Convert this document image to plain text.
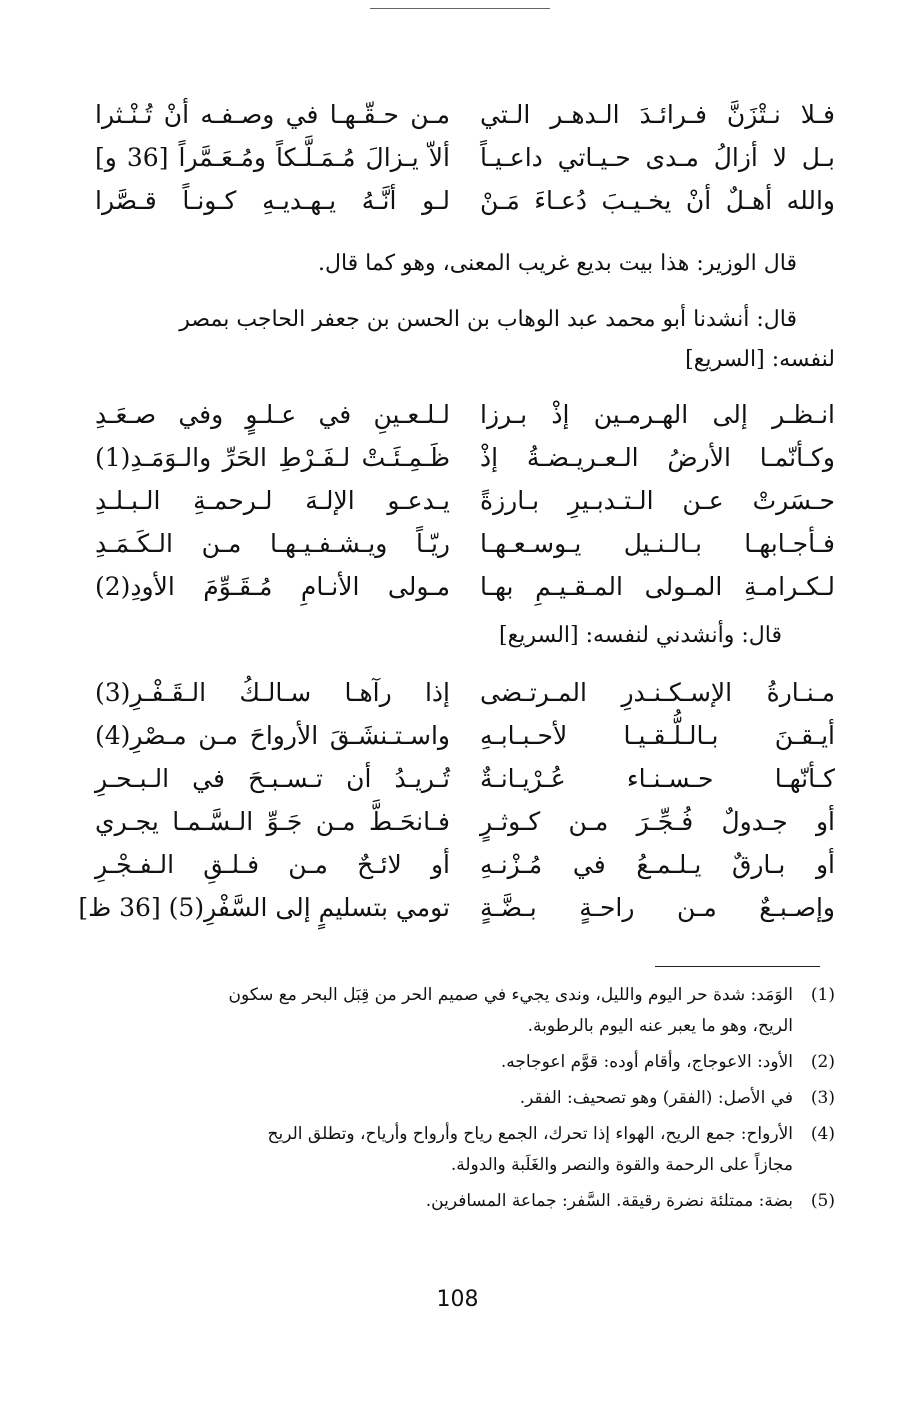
فـلا نـتْزَنَّ فـرائـدَ الـدهـر الـتي
مـن حـقّـهـا في وصـفـه أنْ تُـنْـثرا
بـل لا أزالُ مـدى حـيـاتي داعـيـاً
ألاّ يـزالَ مُـمَـلَّـكاً ومُـعَـمَّراً [36 و]
والله أهـلٌ أنْ يخـيـبَ دُعـاءَ مَـنْ
لـو أنَّـهُ يـهـديـهِ كـونـاً قـصَّرا
قال الوزير: هذا بيت بديع غريب المعنى، وهو كما قال.
قال: أنشدنا أبو محمد عبد الوهاب بن الحسن بن جعفر الحاجب بمصر
لنفسه: [السريع]
انـظـر إلى الهـرمـين إذْ بـرزا
لـلـعـينِ في عـلـوٍ وفي صـعَـدِ
وكـأنّمـا الأرضُ الـعـريـضـةُ إذْ
ظَـمِـئَـتْ لـفَـرْطِ الحَرِّ والـوَمَـدِ(1)
حـسَرتْ عـن الـتـدبـيرِ بـارزةً
يـدعـو الإلـهَ لـرحمـةِ الـبـلـدِ
فـأجـابهـا بـالـنـيل يـوسـعـهـا
ريّـاً ويـشـفـيـهـا مـن الـكَـمَـدِ
لـكـرامـةِ المـولى المـقـيـمِ بهـا
مـولى الأنـامِ مُـقَـوِّمَ الأودِ(2)
قال: وأنشدني لنفسه: [السريع]
مـنـارةُ الإسـكـنـدرِ المـرتـضى
إذا رآهـا سـالـكُ الـقَـفْـرِ(3)
أيـقـنَ بـالـلُّـقـيـا لأحـبـابـهِ
واسـتـنشَـقَ الأرواحَ مـن مـصْرِ(4)
كـأنّهـا حـسـنـاء عُـرْيـانـةٌ
تُـريـدُ أن تـسـبـحَ في الـبـحـرِ
أو جـدولٌ فُـجِّـرَ مـن كـوثـرٍ
فـانحَـطَّ مـن جَـوِّ الـسَّـمـا يجـري
أو بـارقٌ يـلـمـعُ في مُـزْنـهِ
أو لائـحٌ مـن فـلـقِ الـفـجْـرِ
وإصـبـعٌ مـن راحـةٍ بـضَّـةٍ
تومي بتسليمٍ إلى السَّفْرِ(5) [36 ظ]
(1)
الوَمَد: شدة حر اليوم والليل، وندى يجيء في صميم الحر من قِبَل البحر مع سكون
الريح، وهو ما يعبر عنه اليوم بالرطوبة.
(2)
الأود: الاعوجاج، وأقام أوده: قوَّم اعوجاجه.
(3)
في الأصل: (الفقر) وهو تصحيف: الفقر.
(4)
الأرواح: جمع الريح، الهواء إذا تحرك، الجمع رياح وأرواح وأرياح، وتطلق الريح
مجازاً على الرحمة والقوة والنصر والغَلَبة والدولة.
(5)
بضة: ممتلئة نضرة رقيقة. السَّفر: جماعة المسافرين.
108
